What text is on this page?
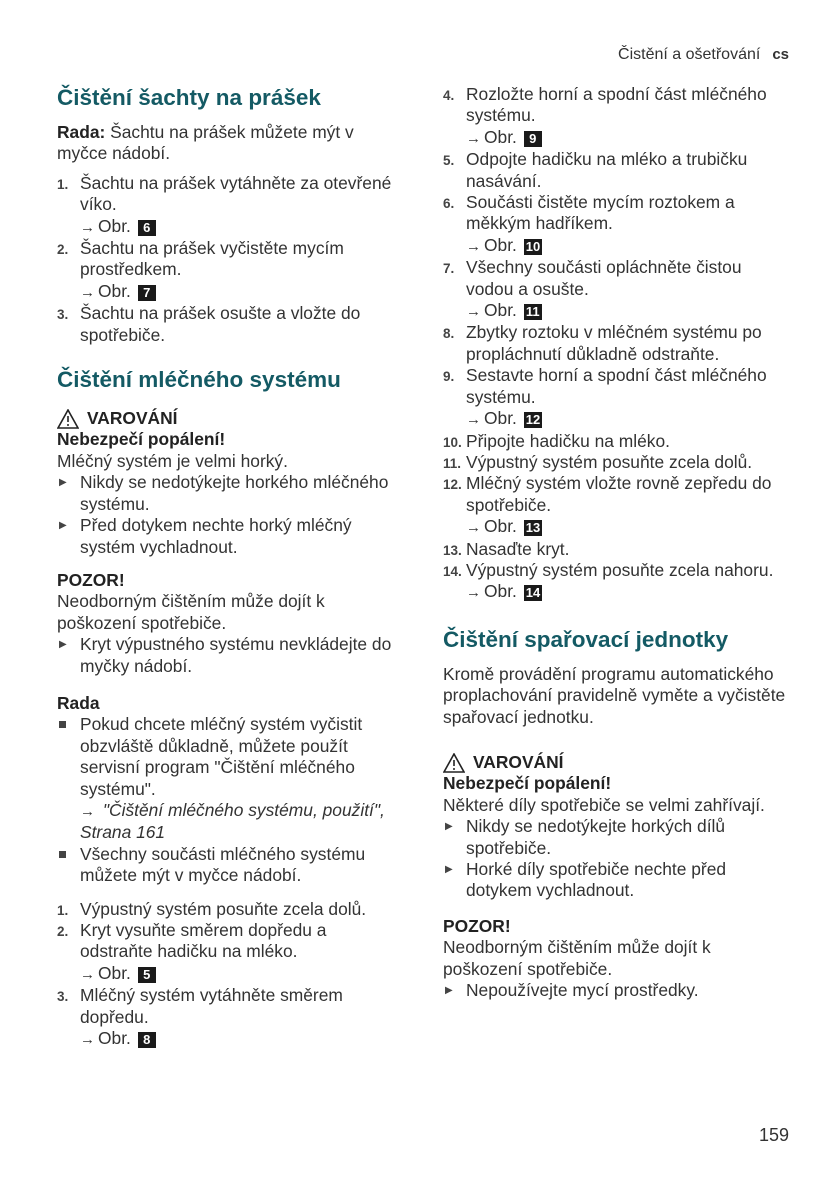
Čistění a ošetřování cs
Čištění šachty na prášek
Rada: Šachtu na prášek můžete mýt v myčce nádobí.
1. Šachtu na prášek vytáhněte za otevřené víko.
→ Obr. 6
2. Šachtu na prášek vyčistěte mycím prostředkem.
→ Obr. 7
3. Šachtu na prášek osušte a vložte do spotřebiče.
Čištění mléčného systému
VAROVÁNÍ
Nebezpečí popálení!
Mléčný systém je velmi horký.
▶ Nikdy se nedotýkejte horkého mléčného systému.
▶ Před dotykem nechte horký mléčný systém vychladnout.
POZOR!
Neodborným čištěním může dojít k poškození spotřebiče.
▶ Kryt výpustného systému nevkládejte do myčky nádobí.
Rada
Pokud chcete mléčný systém vyčistit obzvláště důkladně, můžete použít servisní program "Čištění mléčného systému".
→ "Čištění mléčného systému, použití", Strana 161
Všechny součásti mléčného systému můžete mýt v myčce nádobí.
1. Výpustný systém posuňte zcela dolů.
2. Kryt vysuňte směrem dopředu a odstraňte hadičku na mléko.
→ Obr. 5
3. Mléčný systém vytáhněte směrem dopředu.
→ Obr. 8
4. Rozložte horní a spodní část mléčného systému.
→ Obr. 9
5. Odpojte hadičku na mléko a trubičku nasávání.
6. Součásti čistěte mycím roztokem a měkkým hadříkem.
→ Obr. 10
7. Všechny součásti opláchněte čistou vodou a osušte.
→ Obr. 11
8. Zbytky roztoku v mléčném systému po propláchnutí důkladně odstraňte.
9. Sestavte horní a spodní část mléčného systému.
→ Obr. 12
10. Připojte hadičku na mléko.
11. Výpustný systém posuňte zcela dolů.
12. Mléčný systém vložte rovně zepředu do spotřebiče.
→ Obr. 13
13. Nasaďte kryt.
14. Výpustný systém posuňte zcela nahoru.
→ Obr. 14
Čištění spařovací jednotky
Kromě provádění programu automatického proplachování pravidelně vyměte a vyčistěte spařovací jednotku.
VAROVÁNÍ
Nebezpečí popálení!
Některé díly spotřebiče se velmi zahřívají.
▶ Nikdy se nedotýkejte horkých dílů spotřebiče.
▶ Horké díly spotřebiče nechte před dotykem vychladnout.
POZOR!
Neodborným čištěním může dojít k poškození spotřebiče.
▶ Nepoužívejte mycí prostředky.
159
